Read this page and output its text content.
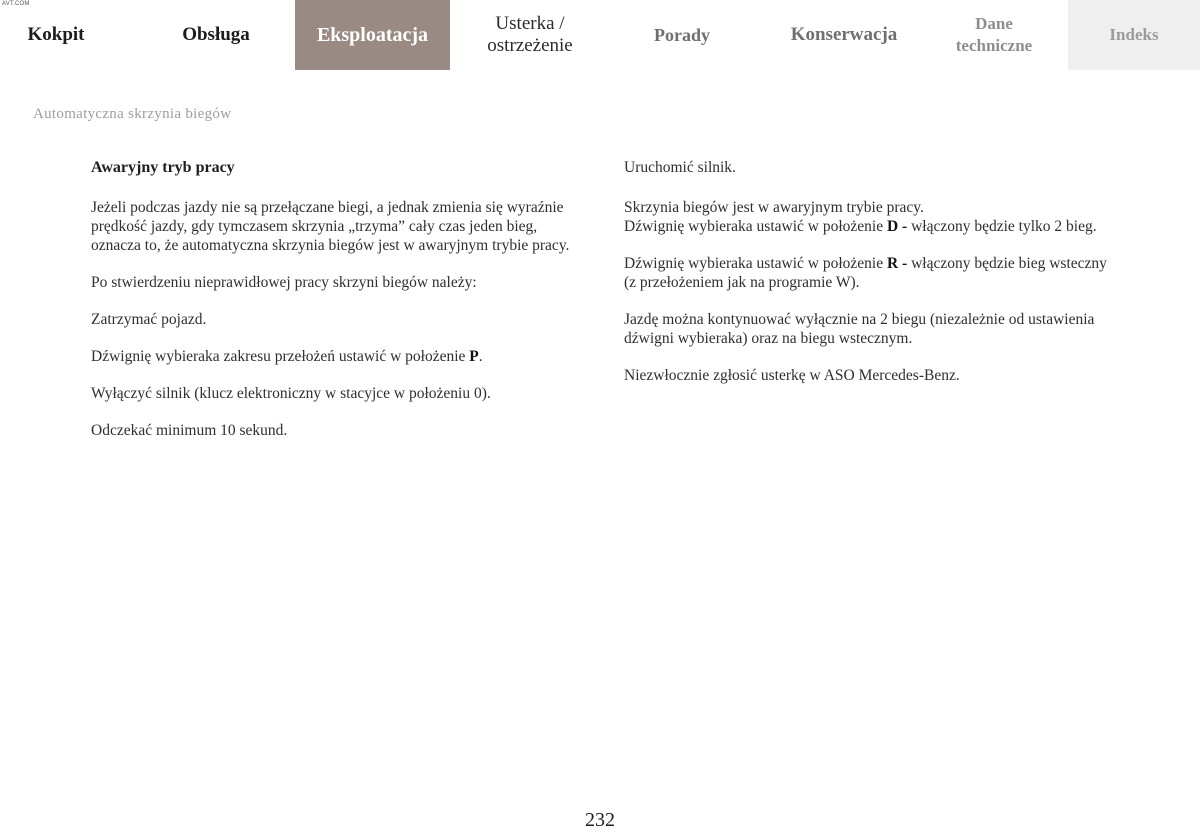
AVT.COM
Kokpit	Obsługa	Eksploatacja
Usterka /
ostrzeżenie	Porady	Konserwacja
Dane
techniczne
Indeks
Automatyczna skrzynia biegów

Awaryjny tryb pracy

Jeżeli podczas jazdy nie są przełączane biegi, a jednak zmienia się wyraźnie prędkość jazdy, gdy tymczasem skrzynia „trzyma” cały czas jeden bieg, oznacza to, że automatyczna skrzynia biegów jest w awaryjnym trybie pracy.

Po stwierdzeniu nieprawidłowej pracy skrzyni biegów należy:

Zatrzymać pojazd.

Dźwignię wybieraka zakresu przełożeń ustawić w położenie P.

Wyłączyć silnik (klucz elektroniczny w stacyjce w położeniu 0).

Odczekać minimum 10 sekund.

Uruchomić silnik.

Skrzynia biegów jest w awaryjnym trybie pracy.

Dźwignię wybieraka ustawić w położenie D - włączony będzie tylko 2 bieg.

Dźwignię wybieraka ustawić w położenie R - włączony będzie bieg wsteczny (z przełożeniem jak na programie W).

Jazdę można kontynuować wyłącznie na 2 biegu (niezależnie od ustawienia dźwigni wybieraka) oraz na biegu wstecznym.

Niezwłocznie zgłosić usterkę w ASO Mercedes-Benz.

232
